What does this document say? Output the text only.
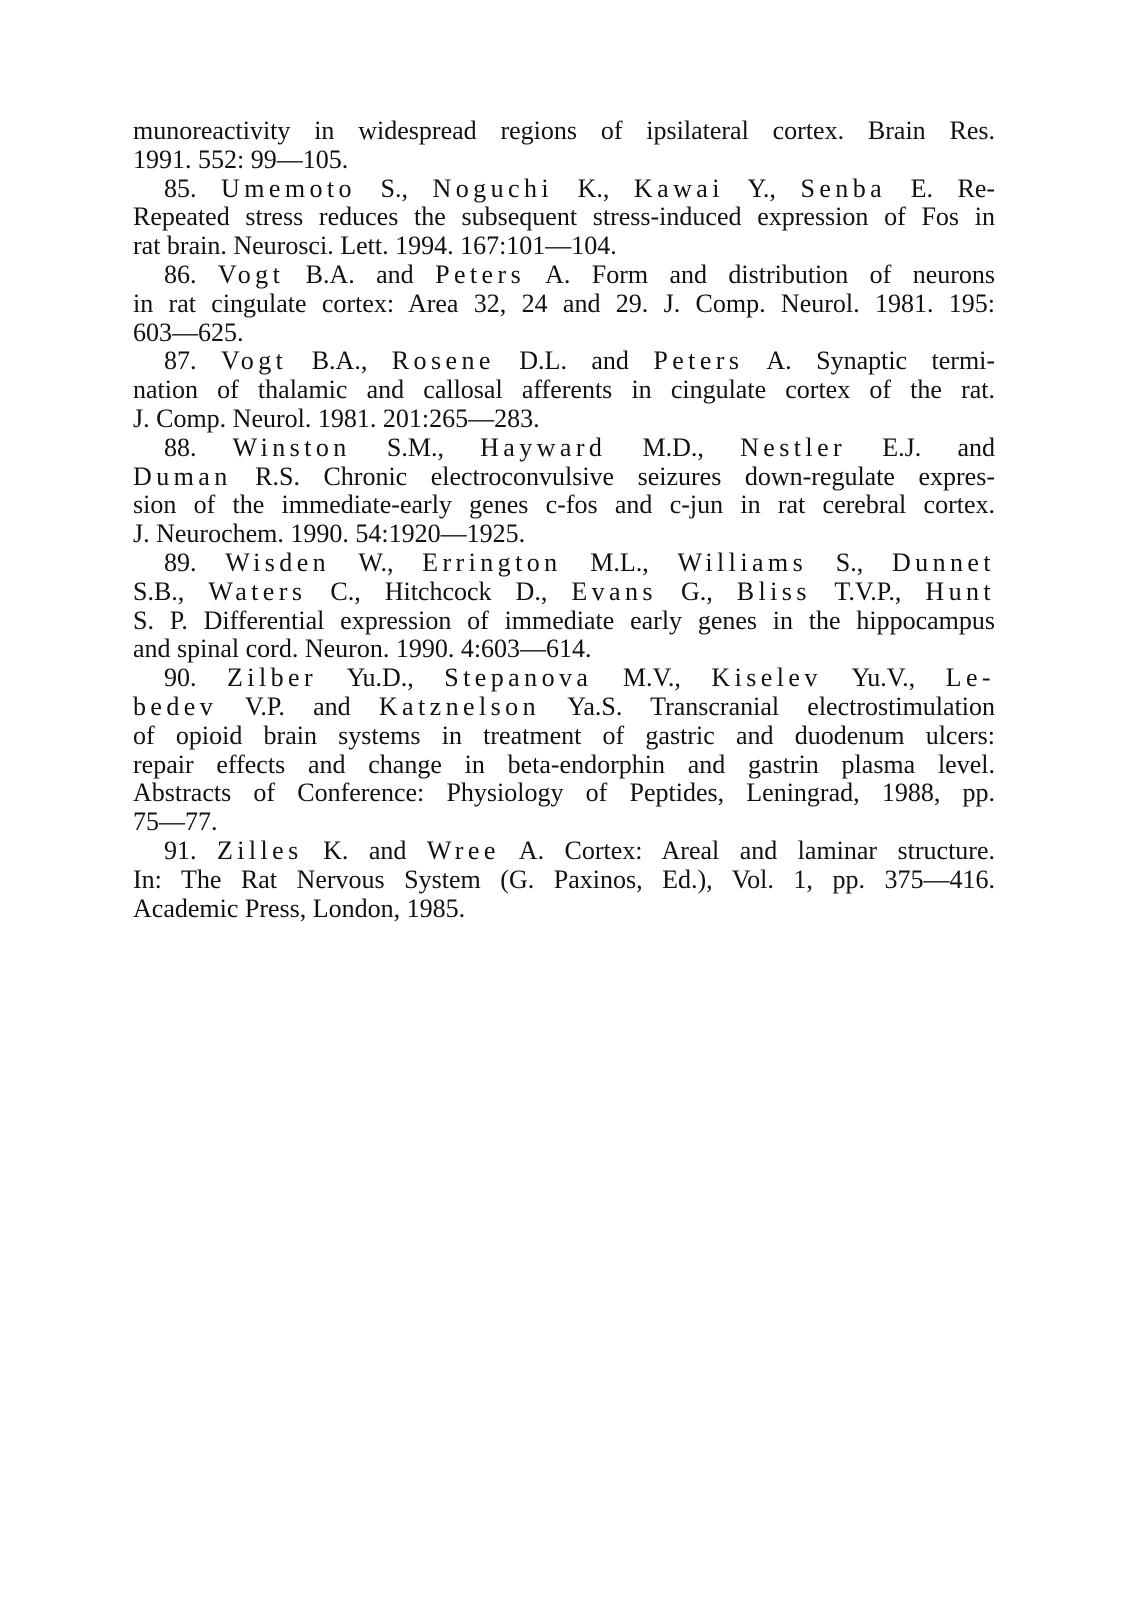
munoreactivity in widespread regions of ipsilateral cortex. Brain Res.
1991. 552: 99—105.
85. Umemoto S., Noguchi K., Kawai Y., Senba E. Re-
Repeated stress reduces the subsequent stress-induced expression of Fos in
rat brain. Neurosci. Lett. 1994. 167:101—104.
86. Vogt B.A. and Peters A. Form and distribution of neurons
in rat cingulate cortex: Area 32, 24 and 29. J. Comp. Neurol. 1981. 195:
603—625.
87. Vogt B.A., Rosene D.L. and Peters A. Synaptic termi-
nation of thalamic and callosal afferents in cingulate cortex of the rat.
J. Comp. Neurol. 1981. 201:265—283.
88. Winston S.M., Hayward M.D., Nestler E.J. and
Duman R.S. Chronic electroconvulsive seizures down-regulate expres-
sion of the immediate-early genes c-fos and c-jun in rat cerebral cortex.
J. Neurochem. 1990. 54:1920—1925.
89. Wisden W., Errington M.L., Williams S., Dunnet
S.B., Waters C., Hitchcock D., Evans G., Bliss T.V.P., Hunt
S. P. Differential expression of immediate early genes in the hippocampus
and spinal cord. Neuron. 1990. 4:603—614.
90. Zilber Yu.D., Stepanova M.V., Kiselev Yu.V., Le-
bedev V.P. and Katznelson Ya.S. Transcranial electrostimulation
of opioid brain systems in treatment of gastric and duodenum ulcers:
repair effects and change in beta-endorphin and gastrin plasma level.
Abstracts of Conference: Physiology of Peptides, Leningrad, 1988, pp.
75—77.
91. Zilles K. and Wree A. Cortex: Areal and laminar structure.
In: The Rat Nervous System (G. Paxinos, Ed.), Vol. 1, pp. 375—416.
Academic Press, London, 1985.
